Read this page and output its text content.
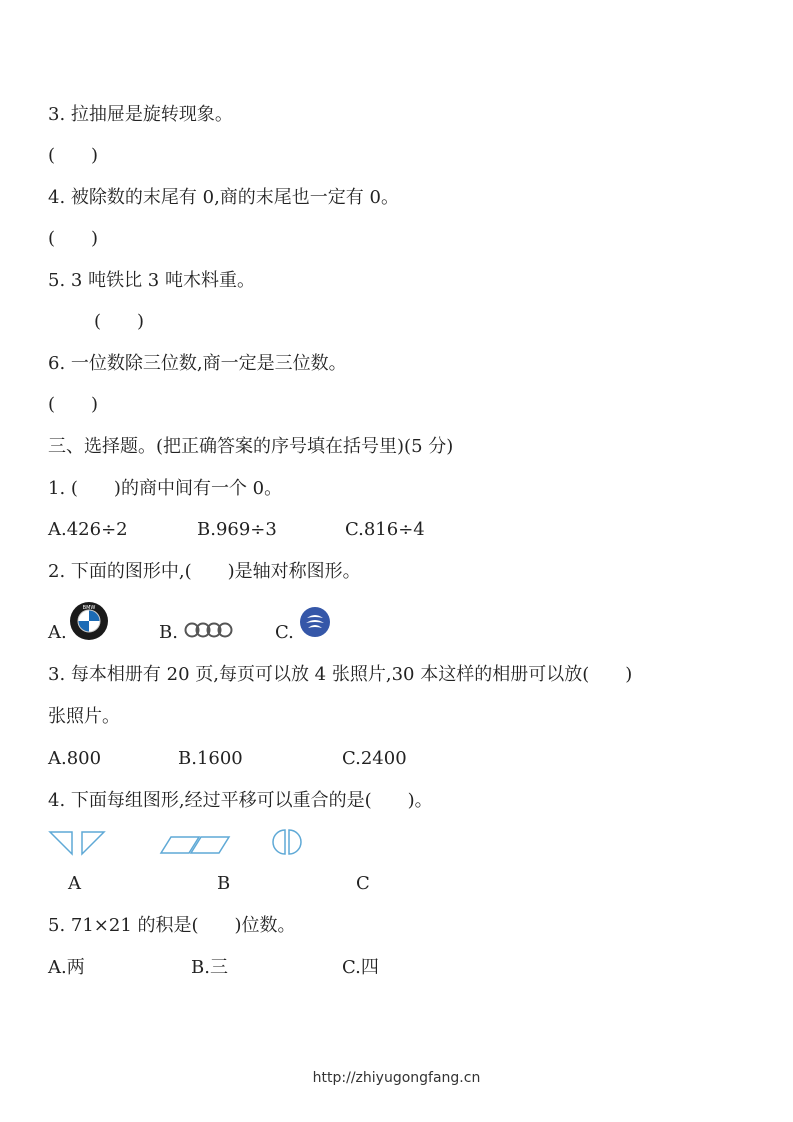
3. 拉抽屉是旋转现象。
(　　)
4. 被除数的末尾有 0,商的末尾也一定有 0。
(　　)
5. 3 吨铁比 3 吨木料重。
(　　)
6. 一位数除三位数,商一定是三位数。
(　　)
三、选择题。(把正确答案的序号填在括号里)(5 分)
1. (　　)的商中间有一个 0。
A.426÷2	B.969÷3	C.816÷4
2. 下面的图形中,(　　)是轴对称图形。
A.
BMW
B.	C.
3. 每本相册有 20 页,每页可以放 4 张照片,30 本这样的相册可以放(　　)
张照片。
A.800	B.1600	C.2400
4. 下面每组图形,经过平移可以重合的是(　　)。
A	B	C
5. 71×21 的积是(　　)位数。
A.两	B.三	C.四
http://zhiyugongfang.cn
